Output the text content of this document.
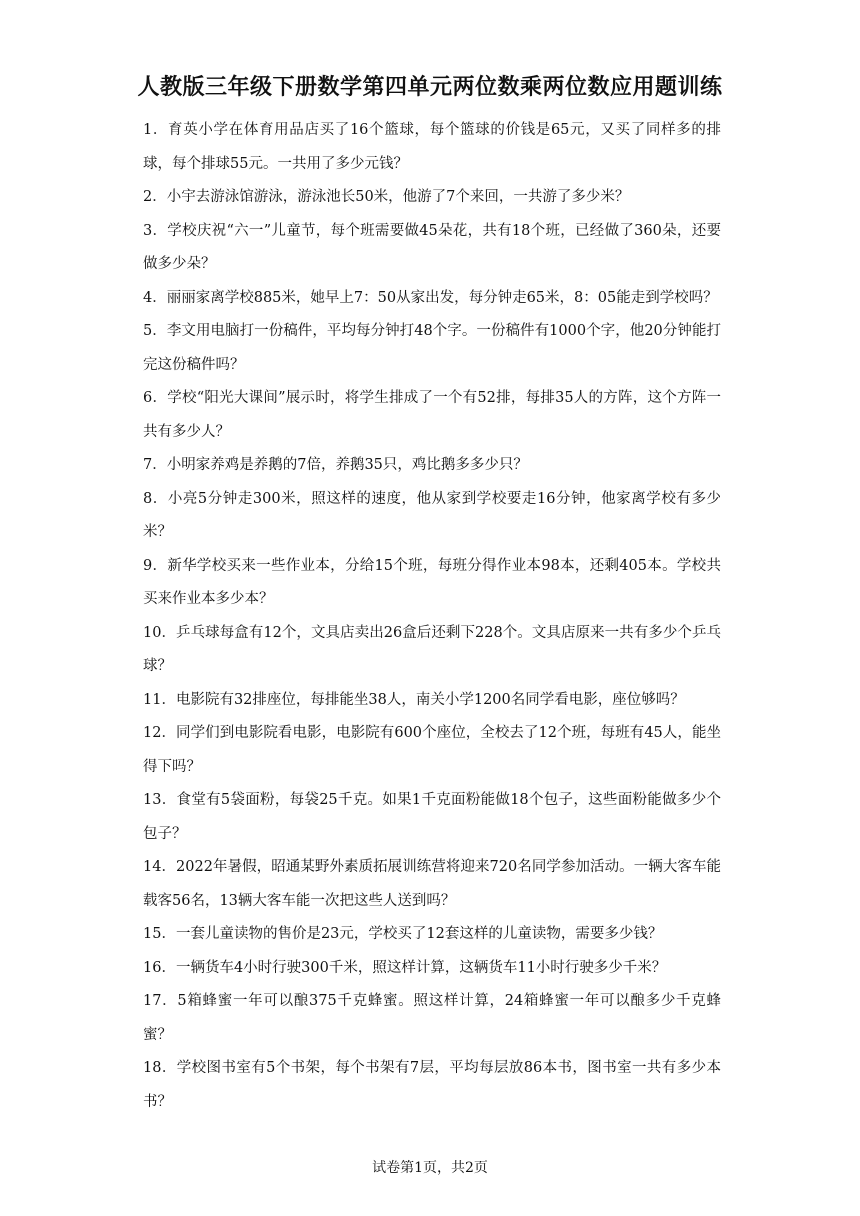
人教版三年级下册数学第四单元两位数乘两位数应用题训练

1．育英小学在体育用品店买了16个篮球，每个篮球的价钱是65元，又买了同样多的排球，每个排球55元。一共用了多少元钱？

2．小宇去游泳馆游泳，游泳池长50米，他游了7个来回，一共游了多少米？

3．学校庆祝“六一”儿童节，每个班需要做45朵花，共有18个班，已经做了360朵，还要做多少朵？

4．丽丽家离学校885米，她早上7：50从家出发，每分钟走65米，8：05能走到学校吗？

5．李文用电脑打一份稿件，平均每分钟打48个字。一份稿件有1000个字，他20分钟能打完这份稿件吗？

6．学校“阳光大课间”展示时，将学生排成了一个有52排，每排35人的方阵，这个方阵一共有多少人？

7．小明家养鸡是养鹅的7倍，养鹅35只，鸡比鹅多多少只？

8．小亮5分钟走300米，照这样的速度，他从家到学校要走16分钟，他家离学校有多少米？

9．新华学校买来一些作业本，分给15个班，每班分得作业本98本，还剩405本。学校共买来作业本多少本？

10．乒乓球每盒有12个，文具店卖出26盒后还剩下228个。文具店原来一共有多少个乒乓球？

11．电影院有32排座位，每排能坐38人，南关小学1200名同学看电影，座位够吗？

12．同学们到电影院看电影，电影院有600个座位，全校去了12个班，每班有45人，能坐得下吗？

13．食堂有5袋面粉，每袋25千克。如果1千克面粉能做18个包子，这些面粉能做多少个包子？

14．2022年暑假，昭通某野外素质拓展训练营将迎来720名同学参加活动。一辆大客车能载客56名，13辆大客车能一次把这些人送到吗？

15．一套儿童读物的售价是23元，学校买了12套这样的儿童读物，需要多少钱？

16．一辆货车4小时行驶300千米，照这样计算，这辆货车11小时行驶多少千米？

17．5箱蜂蜜一年可以酿375千克蜂蜜。照这样计算，24箱蜂蜜一年可以酿多少千克蜂蜜？

18．学校图书室有5个书架，每个书架有7层，平均每层放86本书，图书室一共有多少本书？

试卷第1页，共2页
